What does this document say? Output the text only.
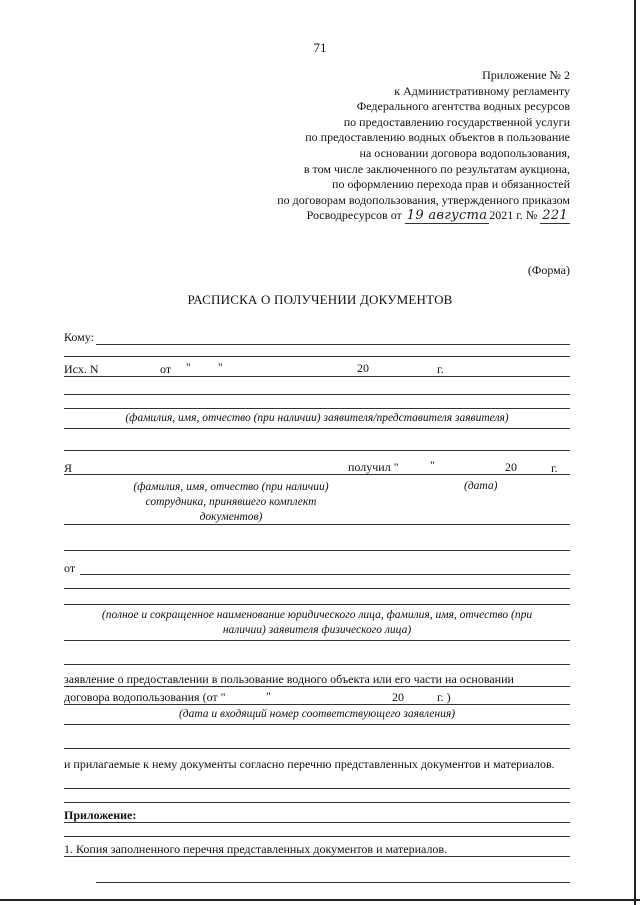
71
Приложение № 2
к Административному регламенту
Федерального агентства водных ресурсов
по предоставлению государственной услуги
по предоставлению водных объектов в пользование
на основании договора водопользования,
в том числе заключенного по результатам аукциона,
по оформлению перехода прав и обязанностей
по договорам водопользования, утвержденного приказом
Росводресурсов от 19 августа 2021 г. № 221
(Форма)
РАСПИСКА О ПОЛУЧЕНИИ ДОКУМЕНТОВ
Кому:
Исх. N	от " "	20	г.
(фамилия, имя, отчество (при наличии) заявителя/представителя заявителя)
Я	получил "	"	20	г.
(фамилия, имя, отчество (при наличии)
сотрудника, принявшего комплект
документов)
(дата)
от
(полное и сокращенное наименование юридического лица, фамилия, имя, отчество (при
наличии) заявителя физического лица)
заявление о предоставлении в пользование водного объекта или его части на основании
договора водопользования (от "	"	20	г. )
(дата и входящий номер соответствующего заявления)
и прилагаемые к нему документы согласно перечню представленных документов и материалов.
Приложение:
1. Копия заполненного перечня представленных документов и материалов.
